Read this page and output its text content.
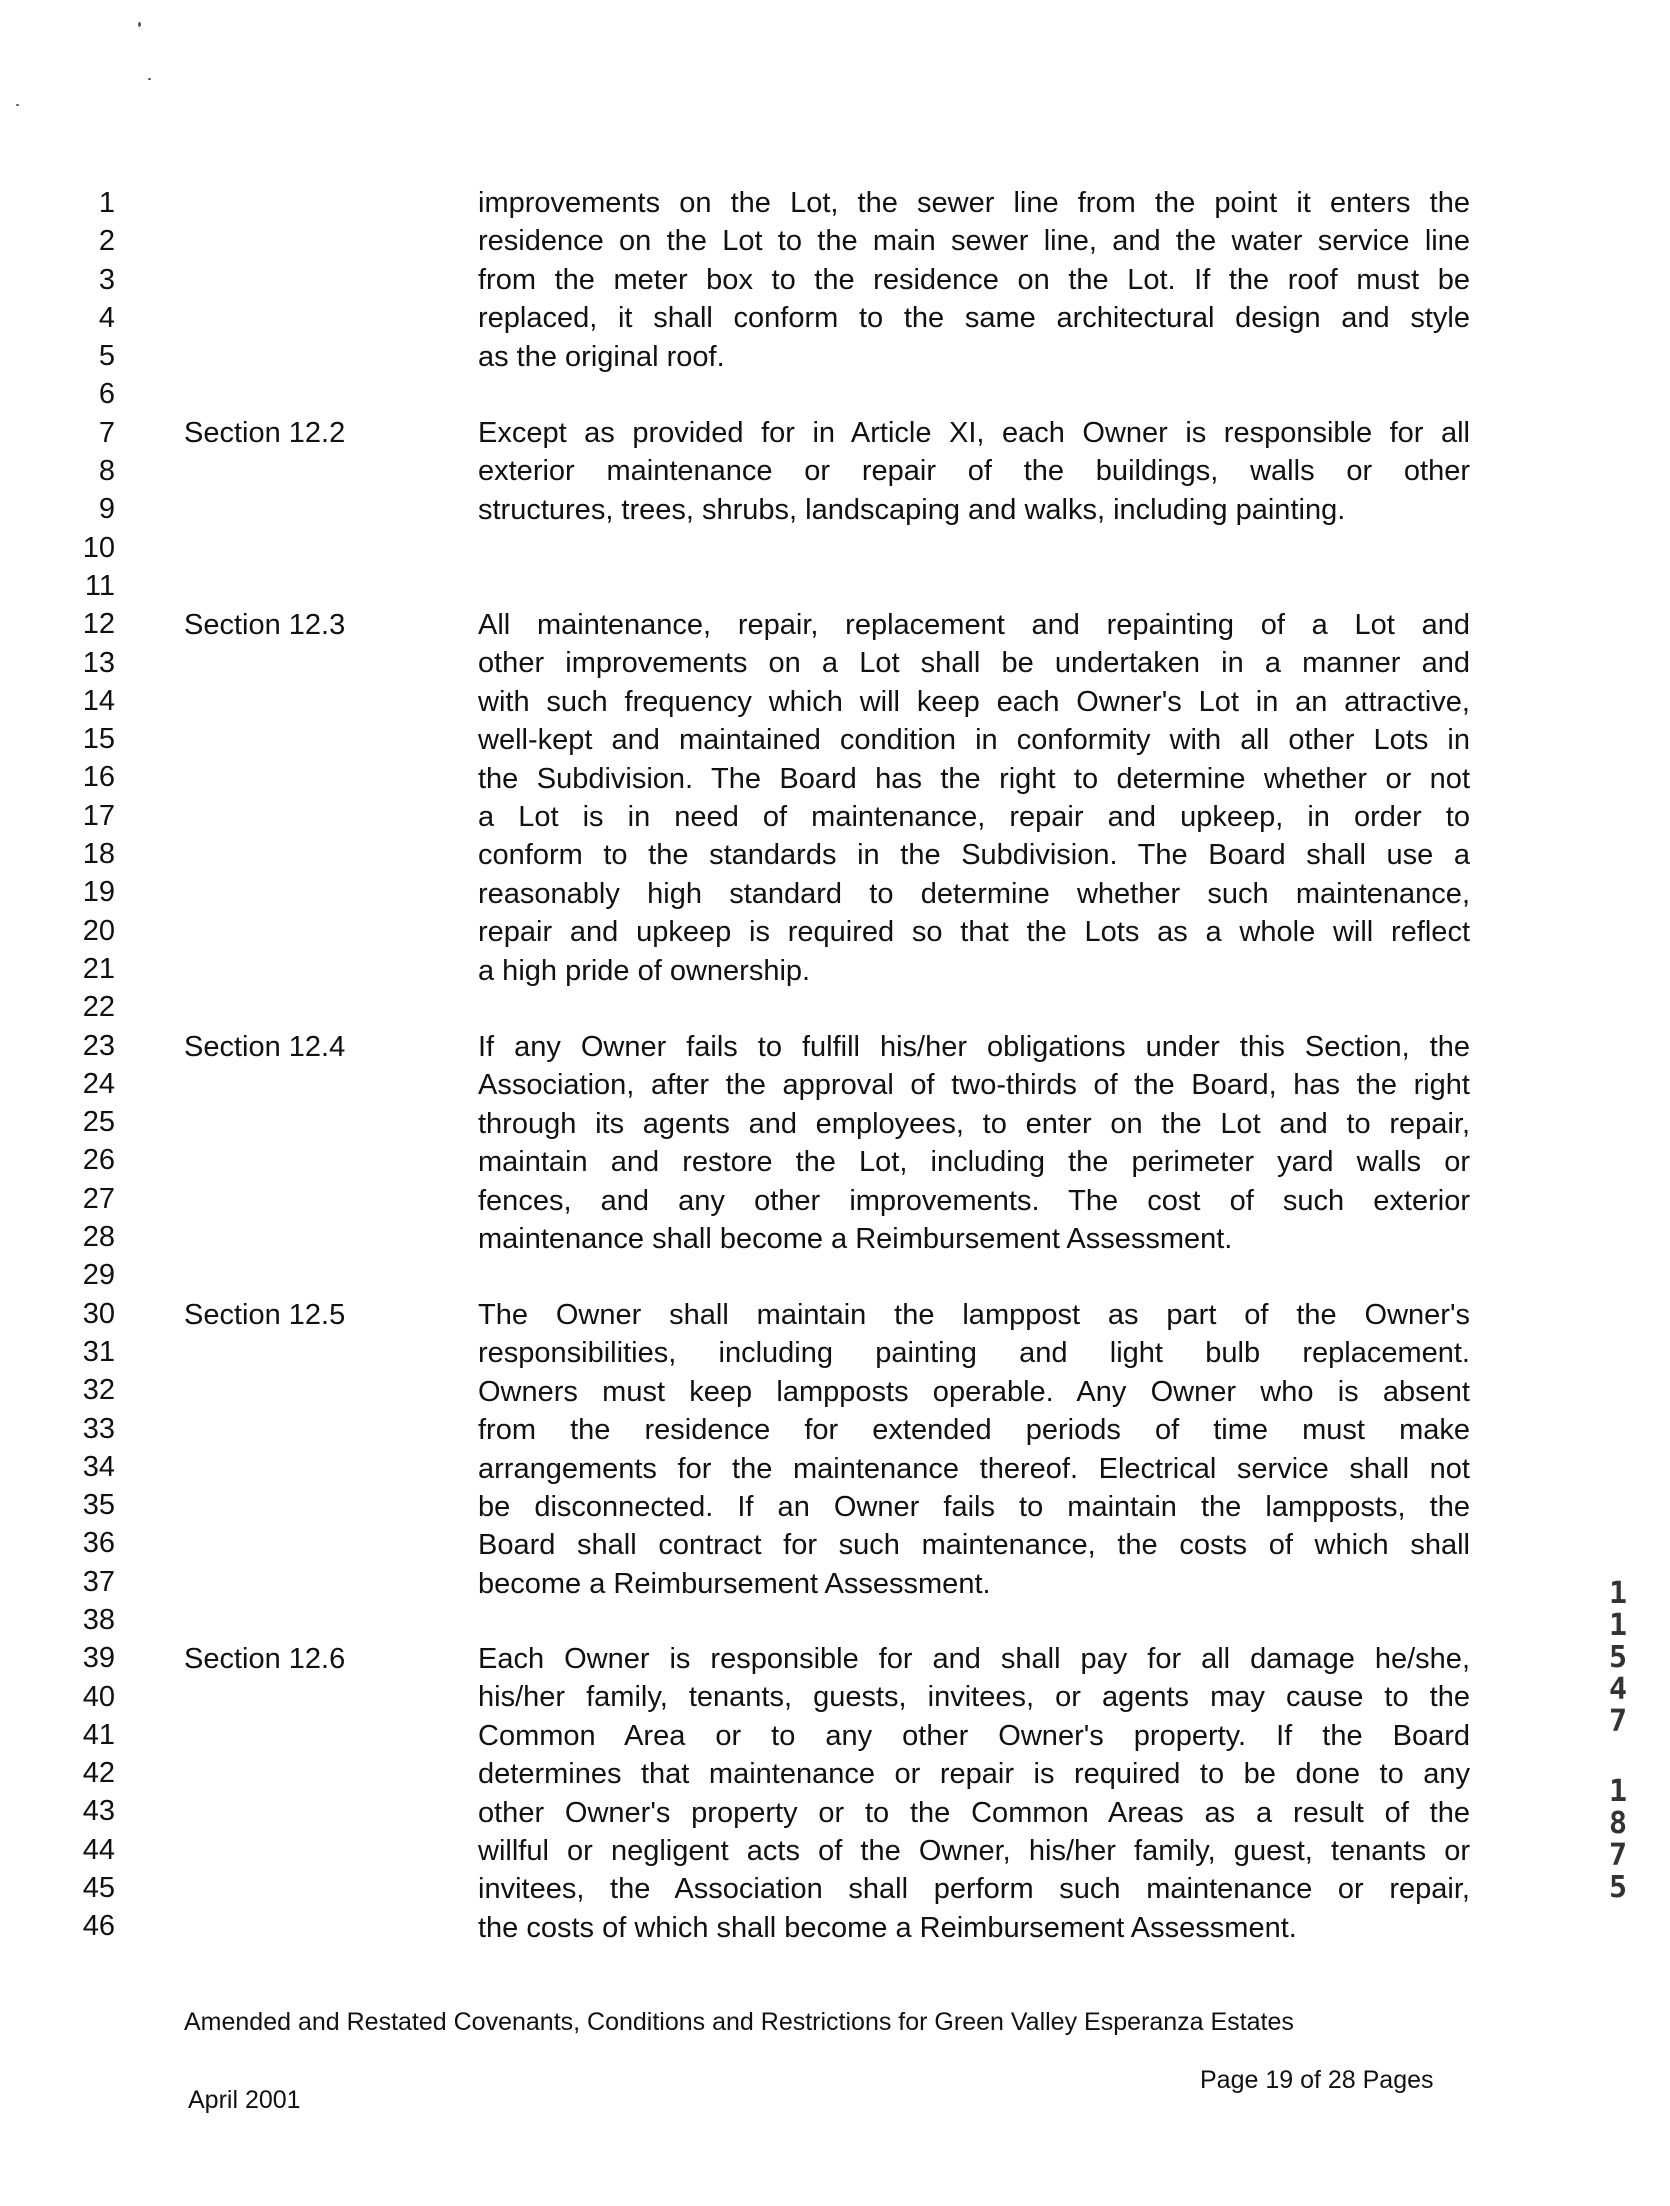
1
2
3
4
5
6
7
8
9
10
11
12
13
14
15
16
17
18
19
20
21
22
23
24
25
26
27
28
29
30
31
32
33
34
35
36
37
38
39
40
41
42
43
44
45
46
improvements on the Lot, the sewer line from the point it enters the
residence on the Lot to the main sewer line, and the water service line
from the meter box to the residence on the Lot. If the roof must be
replaced, it shall conform to the same architectural design and style
as the original roof.
Section 12.2	Except as provided for in Article XI, each Owner is responsible for all
exterior maintenance or repair of the buildings, walls or other
structures, trees, shrubs, landscaping and walks, including painting.
Section 12.3	All maintenance, repair, replacement and repainting of a Lot and
other improvements on a Lot shall be undertaken in a manner and
with such frequency which will keep each Owner's Lot in an attractive,
well-kept and maintained condition in conformity with all other Lots in
the Subdivision. The Board has the right to determine whether or not
a Lot is in need of maintenance, repair and upkeep, in order to
conform to the standards in the Subdivision. The Board shall use a
reasonably high standard to determine whether such maintenance,
repair and upkeep is required so that the Lots as a whole will reflect
a high pride of ownership.
Section 12.4	If any Owner fails to fulfill his/her obligations under this Section, the
Association, after the approval of two-thirds of the Board, has the right
through its agents and employees, to enter on the Lot and to repair,
maintain and restore the Lot, including the perimeter yard walls or
fences, and any other improvements. The cost of such exterior
maintenance shall become a Reimbursement Assessment.
Section 12.5	The Owner shall maintain the lamppost as part of the Owner's
responsibilities, including painting and light bulb replacement.
Owners must keep lampposts operable. Any Owner who is absent
from the residence for extended periods of time must make
arrangements for the maintenance thereof. Electrical service shall not
be disconnected. If an Owner fails to maintain the lampposts, the
Board shall contract for such maintenance, the costs of which shall
become a Reimbursement Assessment.
Section 12.6	Each Owner is responsible for and shall pay for all damage he/she,
his/her family, tenants, guests, invitees, or agents may cause to the
Common Area or to any other Owner's property. If the Board
determines that maintenance or repair is required to be done to any
other Owner's property or to the Common Areas as a result of the
willful or negligent acts of the Owner, his/her family, guest, tenants or
invitees, the Association shall perform such maintenance or repair,
the costs of which shall become a Reimbursement Assessment.
1
1
5
4
7
1
8
7
5
Amended and Restated Covenants, Conditions and Restrictions for Green Valley Esperanza Estates
April 2001
Page 19 of 28 Pages
